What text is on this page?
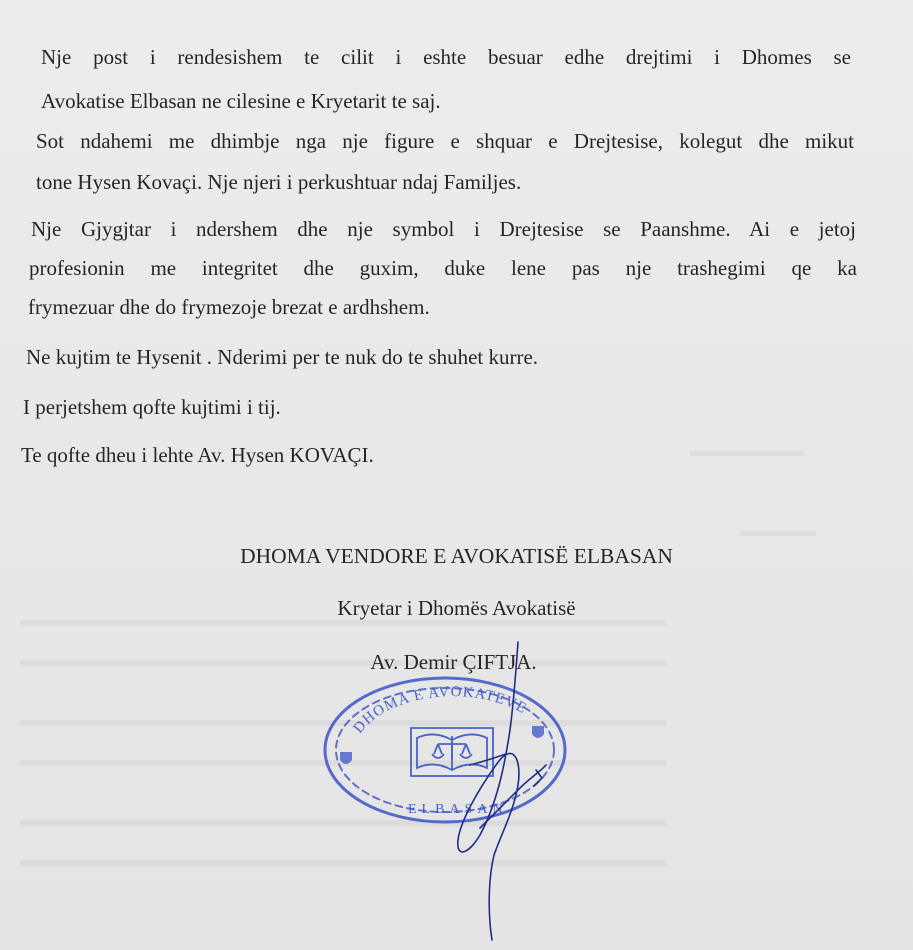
Nje post i rendesishem te cilit i eshte besuar edhe drejtimi i Dhomes se
Avokatise Elbasan ne cilesine e Kryetarit te saj.
Sot ndahemi me dhimbje nga nje figure e shquar e Drejtesise, kolegut dhe mikut
tone Hysen Kovaçi. Nje njeri i perkushtuar ndaj Familjes.
Nje Gjygjtar i ndershem dhe nje symbol i Drejtesise se Paanshme. Ai e jetoj
profesionin me integritet dhe guxim, duke lene pas nje trashegimi qe ka
frymezuar dhe do frymezoje brezat e ardhshem.
Ne kujtim te Hysenit . Nderimi per te nuk do te shuhet kurre.
I perjetshem qofte kujtimi i tij.
Te qofte dheu i lehte Av. Hysen KOVAÇI.
DHOMA VENDORE E AVOKATISË ELBASAN
Kryetar i Dhomës Avokatisë
Av. Demir ÇIFTJA.
DHOMA E AVOKATEVE
ELBASAN
